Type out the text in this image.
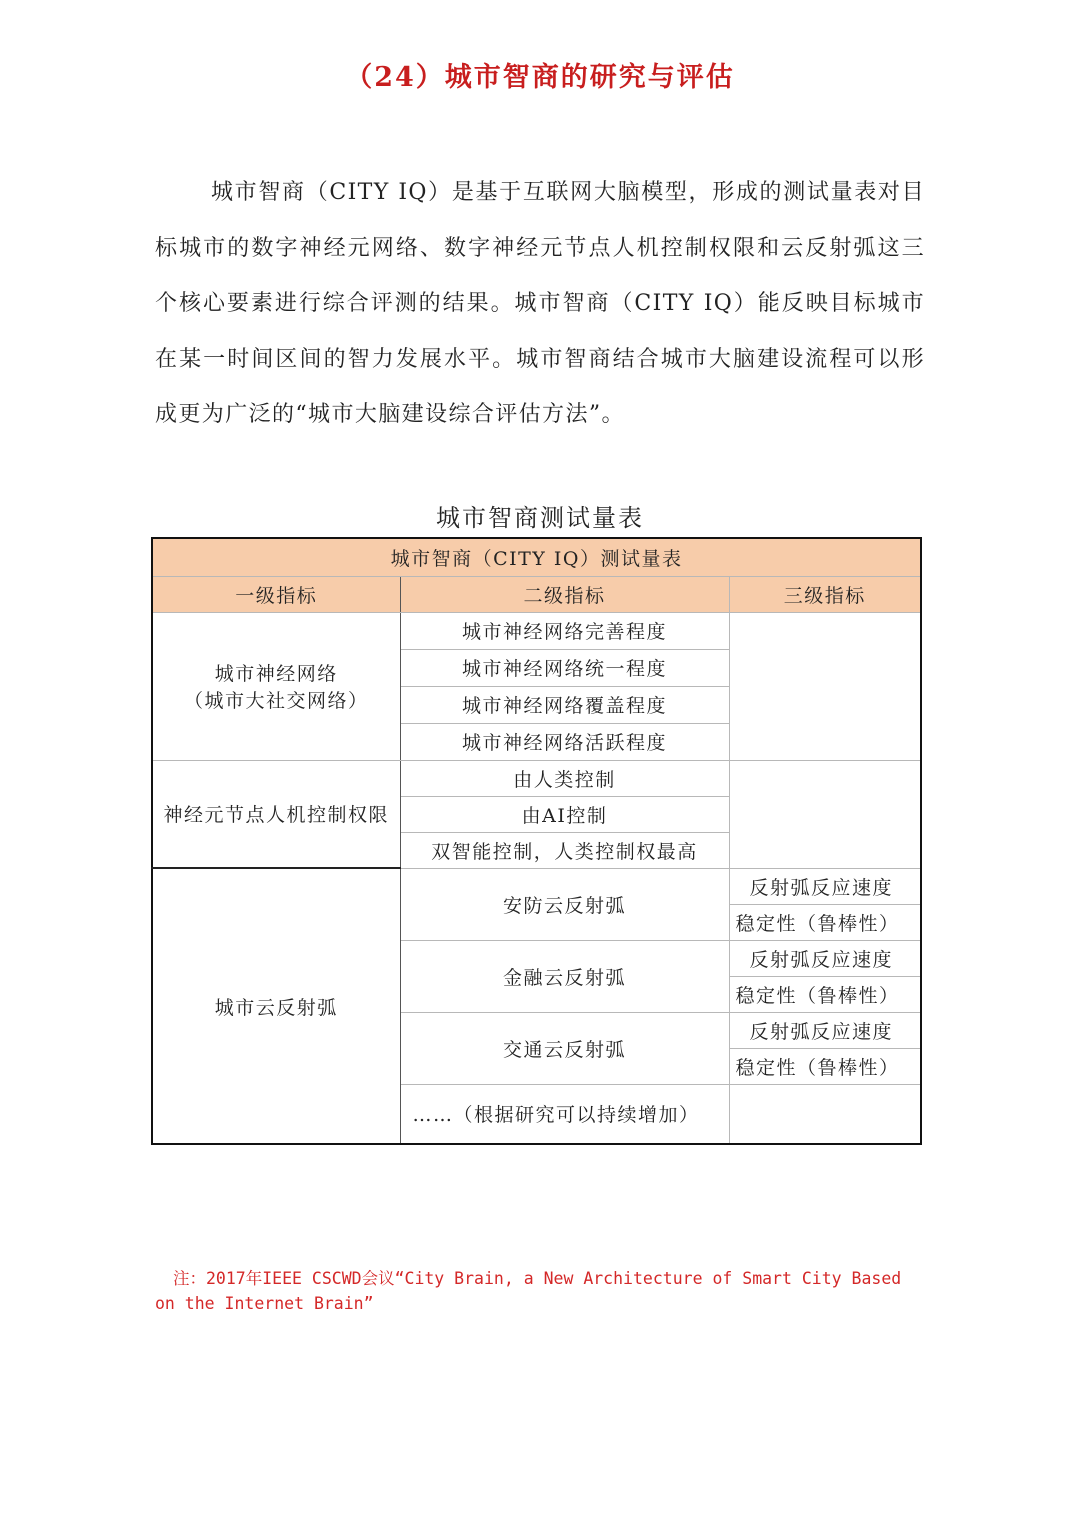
（24）城市智商的研究与评估

城市智商（CITY IQ）是基于互联网大脑模型，形成的测试量表对目标城市的数字神经元网络、数字神经元节点人机控制权限和云反射弧这三个核心要素进行综合评测的结果。城市智商（CITY IQ）能反映目标城市在某一时间区间的智力发展水平。城市智商结合城市大脑建设流程可以形成更为广泛的“城市大脑建设综合评估方法”。

城市智商测试量表
城市智商（CITY IQ）测试量表		
一级指标	二级指标	三级指标

城市神经网络
（城市大社交网络）	城市神经网络完善程度	
	城市神经网络统一程度	
	城市神经网络覆盖程度	
	城市神经网络活跃程度	
神经元节点人机控制权限	由人类控制	
	由AI控制	
	双智能控制，人类控制权最高	
城市云反射弧	安防云反射弧	反射弧反应速度
		稳定性（鲁棒性）
	金融云反射弧	反射弧反应速度
		稳定性（鲁棒性）
	交通云反射弧	反射弧反应速度
		稳定性（鲁棒性）
	……（根据研究可以持续增加）	

注：2017年IEEE CSCWD会议“City Brain, a New Architecture of Smart City Based on the Internet Brain”
